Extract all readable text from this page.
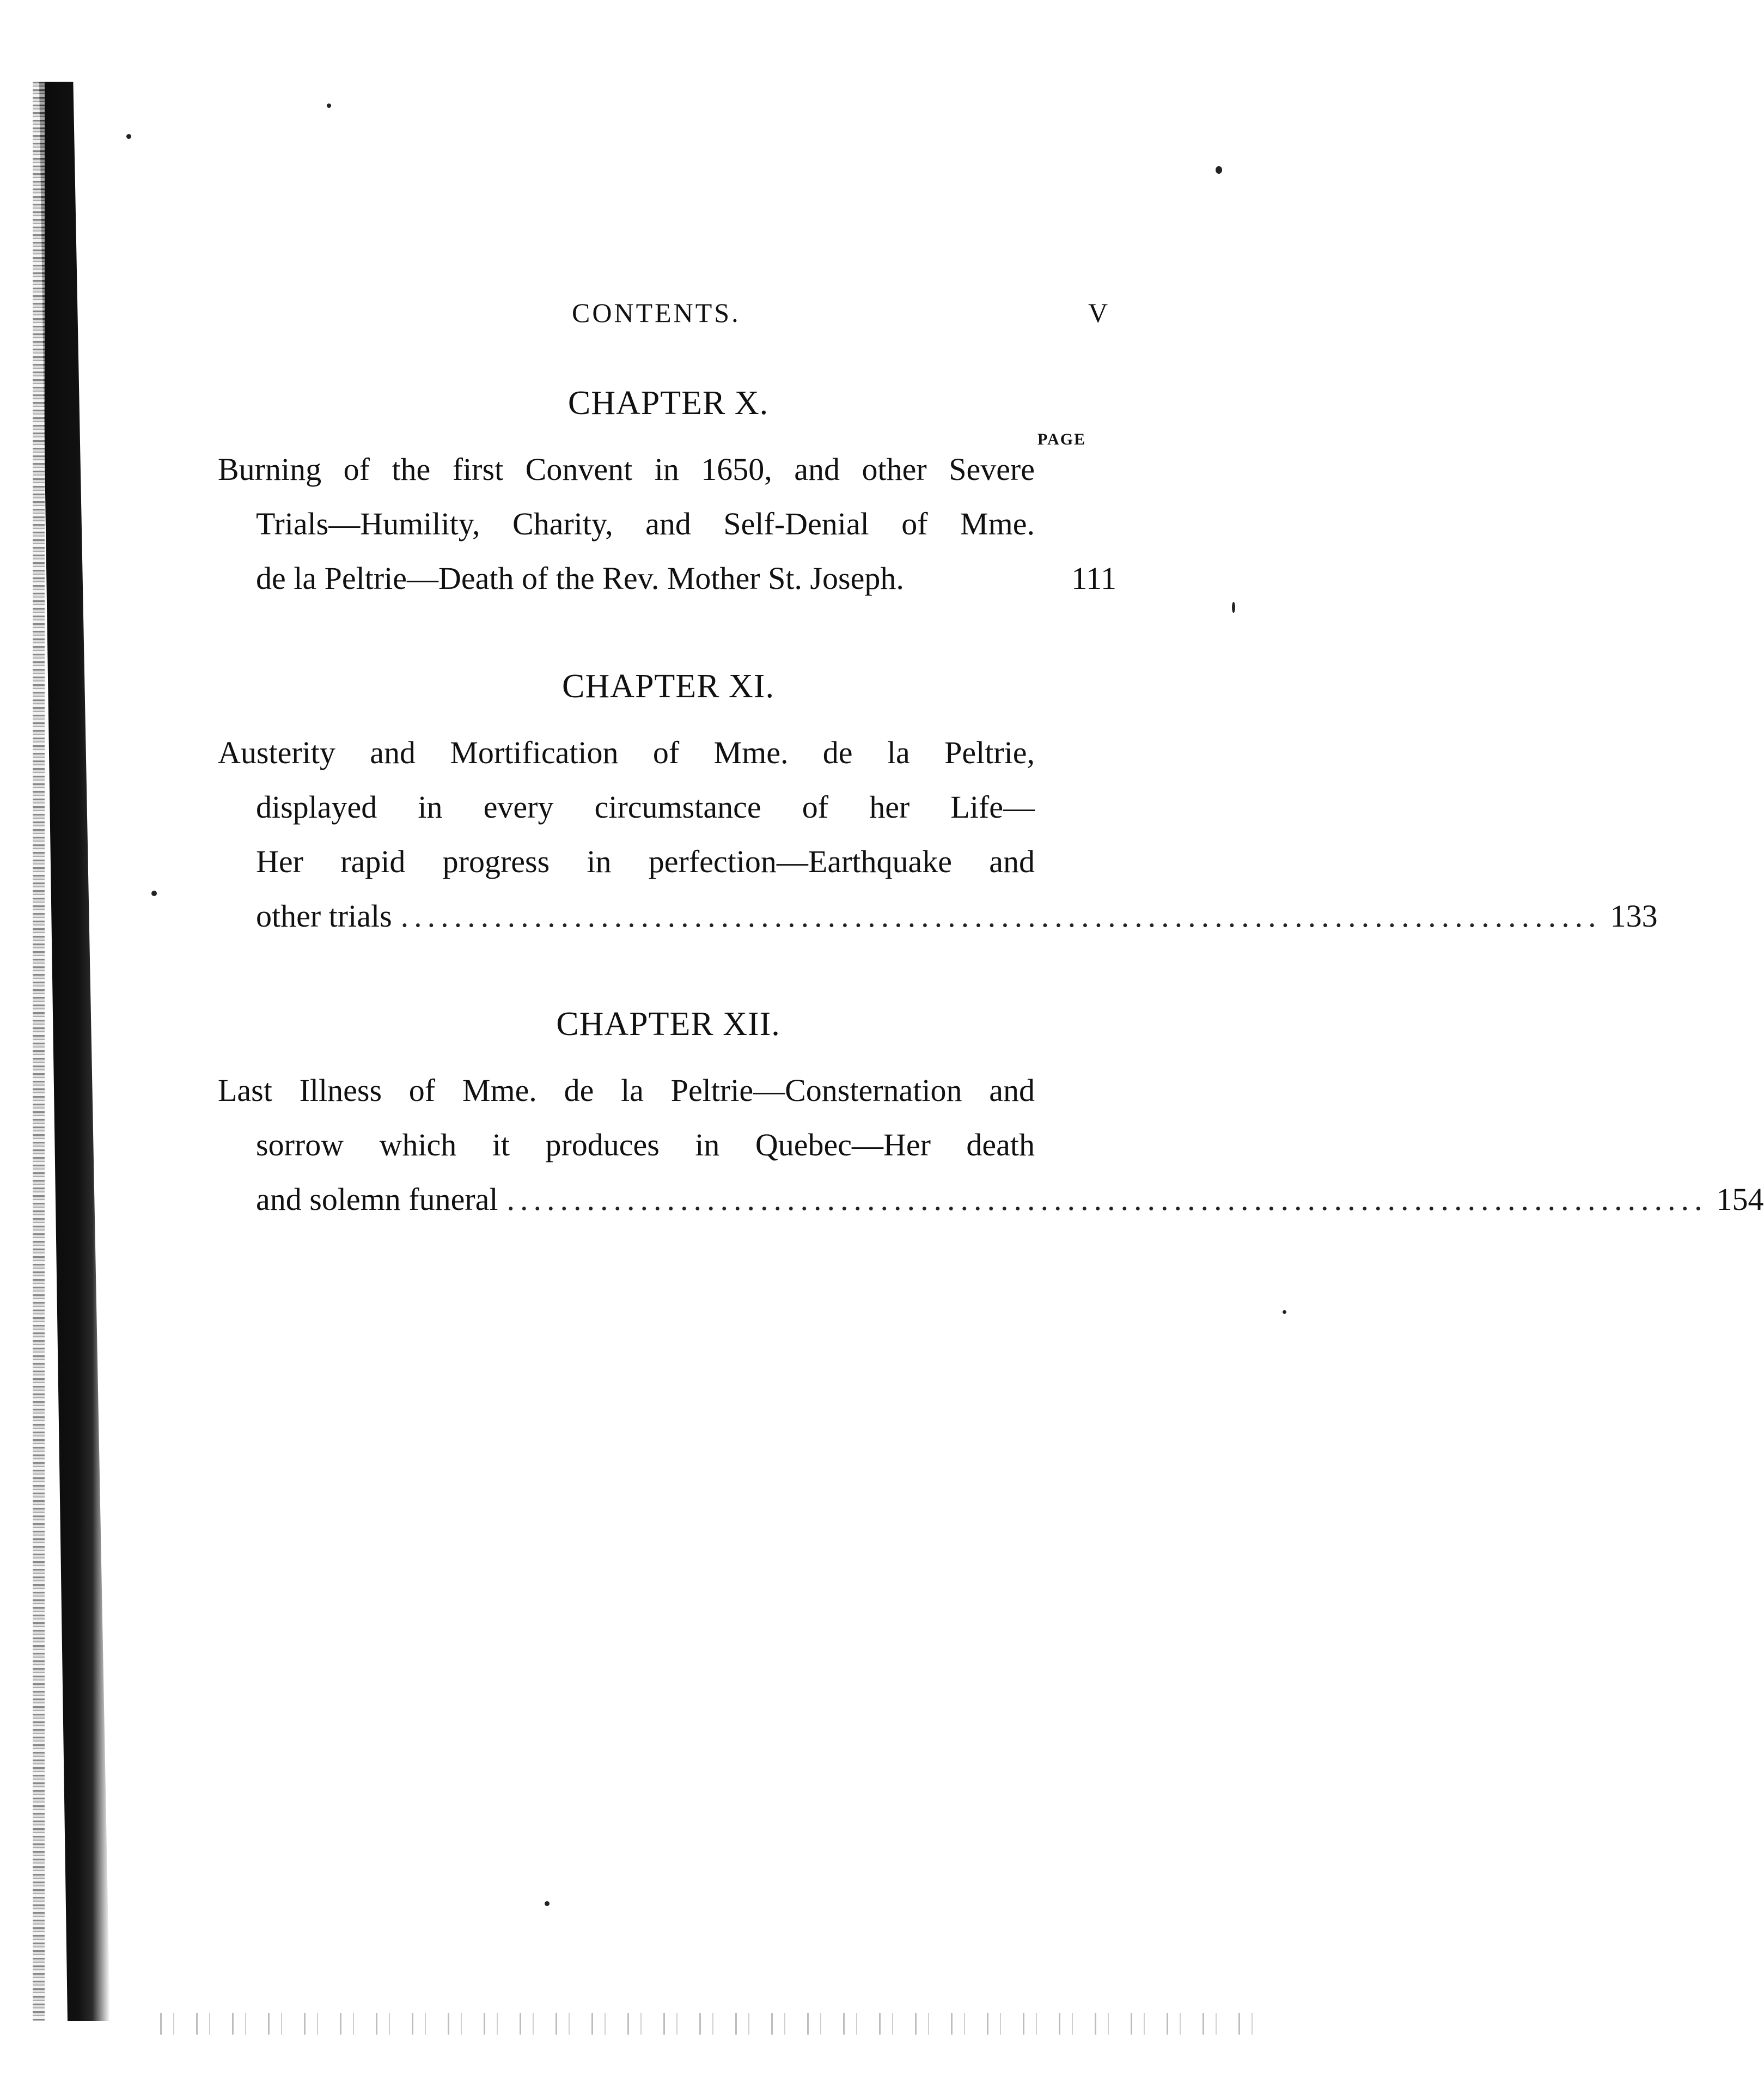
CONTENTS.	V
CHAPTER X.
PAGE
Burning of the first Convent in 1650, and other Severe
Trials—Humility, Charity, and Self-Denial of Mme.
de la Peltrie—Death of the Rev. Mother St. Joseph.	111
CHAPTER XI.
Austerity and Mortification of Mme. de la Peltrie,
displayed in every circumstance of her Life—
Her rapid progress in perfection—Earthquake and
other trials .......................................................................................... 133
CHAPTER XII.
Last Illness of Mme. de la Peltrie—Consternation and
sorrow which it produces in Quebec—Her death
and solemn funeral .......................................................................................... 154
